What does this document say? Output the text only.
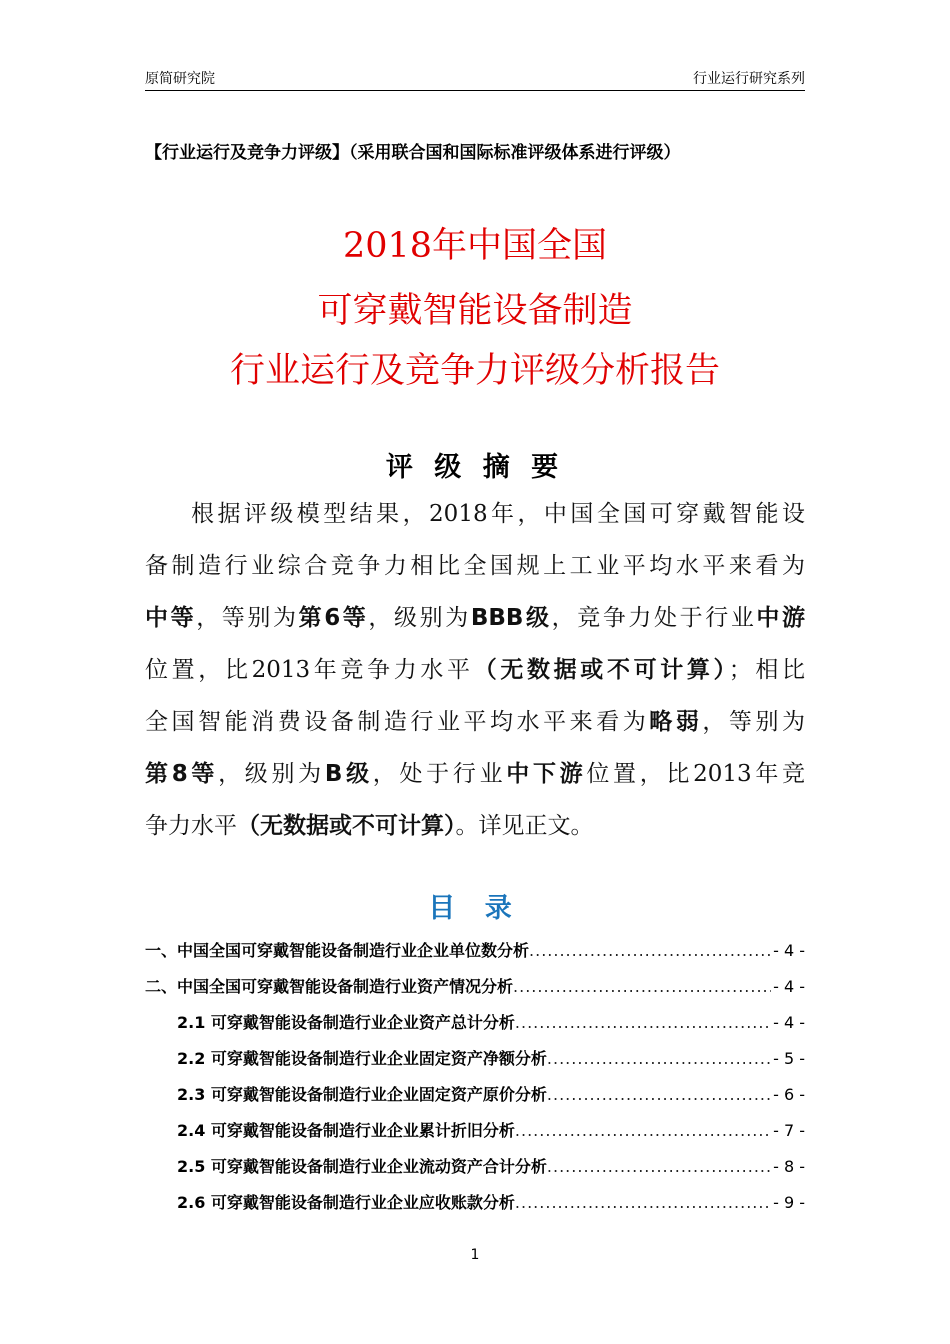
原简研究院	行业运行研究系列
【行业运行及竞争力评级】（采用联合国和国际标准评级体系进行评级）
2018年中国全国
可穿戴智能设备制造
行业运行及竞争力评级分析报告
评 级 摘 要
根据评级模型结果，2018年，中国全国可穿戴智能设
备制造行业综合竞争力相比全国规上工业平均水平来看为
中等，等别为第6等，级别为BBB级，竞争力处于行业中游
位置，比2013年竞争力水平（无数据或不可计算）；相比
全国智能消费设备制造行业平均水平来看为略弱，等别为
第8等，级别为B级，处于行业中下游位置，比2013年竞
争力水平（无数据或不可计算）。详见正文。
目 录
一、中国全国可穿戴智能设备制造行业企业单位数分析 .....	- 4 -
二、中国全国可穿戴智能设备制造行业资产情况分析 .....	- 4 -
2.1 可穿戴智能设备制造行业企业资产总计分析 .....	- 4 -
2.2 可穿戴智能设备制造行业企业固定资产净额分析 .....	- 5 -
2.3 可穿戴智能设备制造行业企业固定资产原价分析 .....	- 6 -
2.4 可穿戴智能设备制造行业企业累计折旧分析 .....	- 7 -
2.5 可穿戴智能设备制造行业企业流动资产合计分析 .....	- 8 -
2.6 可穿戴智能设备制造行业企业应收账款分析 .....	- 9 -
1
